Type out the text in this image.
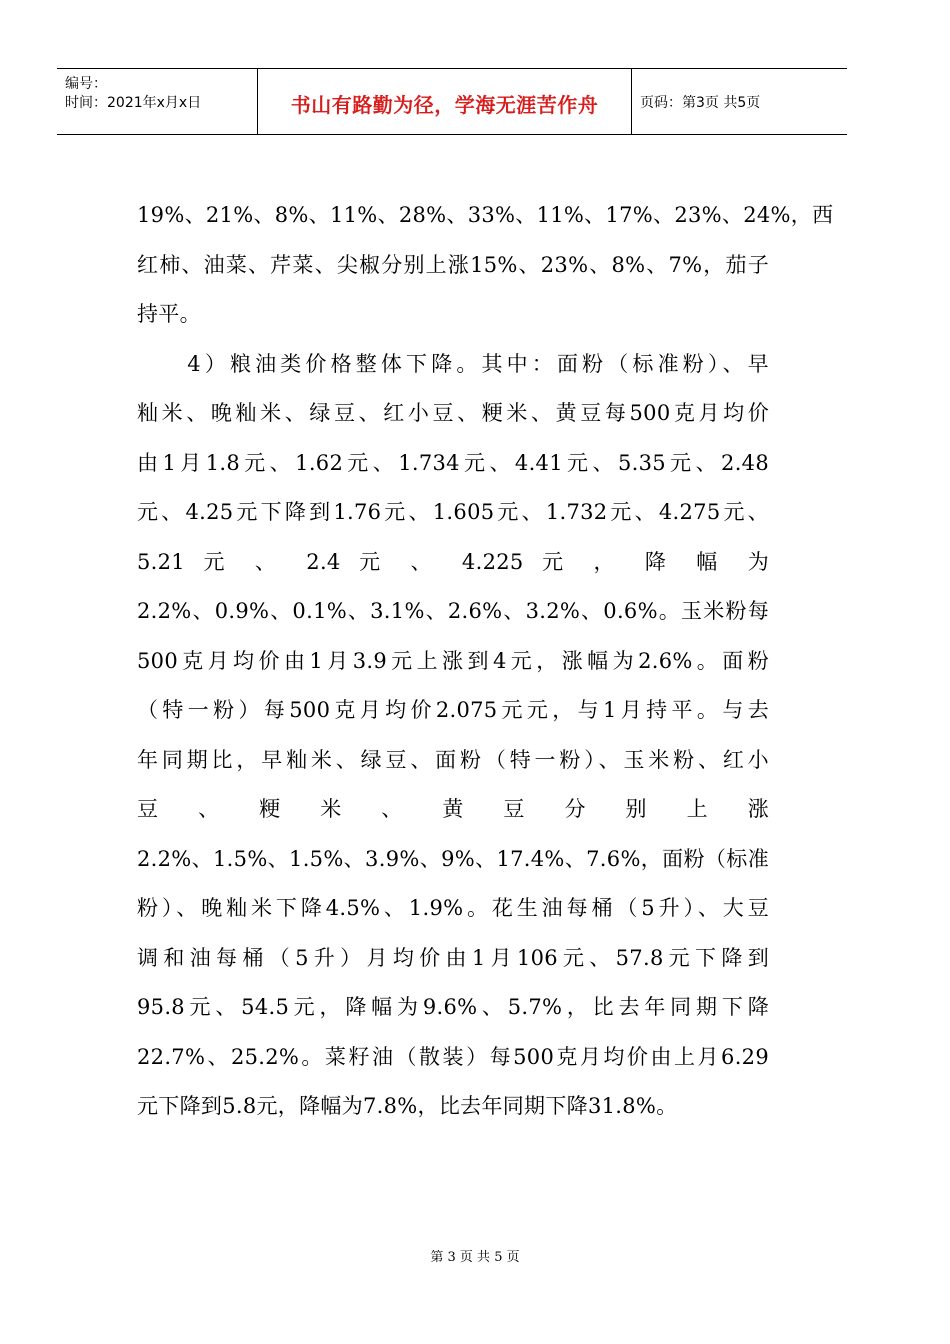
编号：
时间：2021年x月x日	书山有路勤为径，学海无涯苦作舟	页码：第3页 共5页
19%、21%、8%、11%、28%、33%、11%、17%、23%、24%，西
红柿、油菜、芹菜、尖椒分别上涨15%、23%、8%、7%，茄子
持平。
　　4）粮油类价格整体下降。其中：面粉（标准粉）、早
籼米、晚籼米、绿豆、红小豆、粳米、黄豆每500克月均价
由1月1.8元、1.62元、1.734元、4.41元、5.35元、2.48
元、4.25元下降到1.76元、1.605元、1.732元、4.275元、
5.21 元 、 2.4 元 、 4.225 元 ， 降 幅 为
2.2%、0.9%、0.1%、3.1%、2.6%、3.2%、0.6%。玉米粉每
500克月均价由1月3.9元上涨到4元，涨幅为2.6%。面粉
（特一粉）每500克月均价2.075元元，与1月持平。与去
年同期比，早籼米、绿豆、面粉（特一粉）、玉米粉、红小
豆 、 粳 米 、 黄 豆 分 别 上 涨
2.2%、1.5%、1.5%、3.9%、9%、17.4%、7.6%，面粉（标准
粉）、晚籼米下降4.5%、1.9%。花生油每桶（5升）、大豆
调和油每桶（5升）月均价由1月106元、57.8元下降到
95.8元、54.5元，降幅为9.6%、5.7%，比去年同期下降
22.7%、25.2%。菜籽油（散装）每500克月均价由上月6.29
元下降到5.8元，降幅为7.8%，比去年同期下降31.8%。
第 3 页 共 5 页
